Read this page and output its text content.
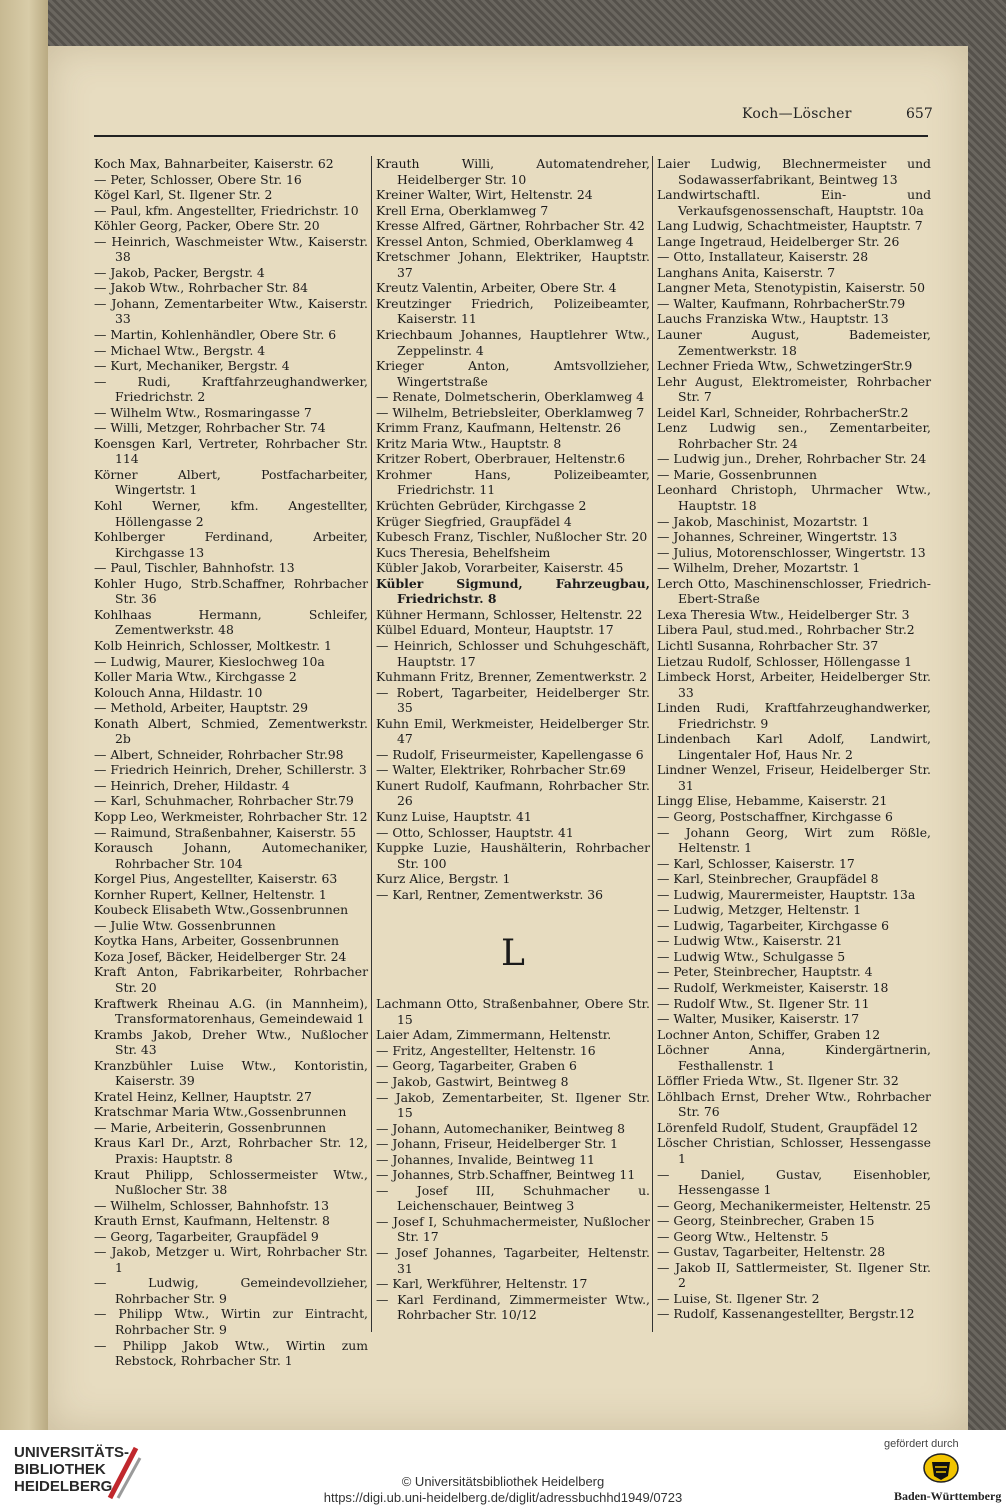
Koch—Löscher	657
Koch Max, Bahnarbeiter, Kaiserstr. 62
— Peter, Schlosser, Obere Str. 16
Kögel Karl, St. Ilgener Str. 2
— Paul, kfm. Angestellter, Friedrichstr. 10
Köhler Georg, Packer, Obere Str. 20
— Heinrich, Waschmeister Wtw., Kaiserstr. 38
— Jakob, Packer, Bergstr. 4
— Jakob Wtw., Rohrbacher Str. 84
— Johann, Zementarbeiter Wtw., Kaiserstr. 33
— Martin, Kohlenhändler, Obere Str. 6
— Michael Wtw., Bergstr. 4
— Kurt, Mechaniker, Bergstr. 4
— Rudi, Kraftfahrzeughandwerker, Friedrichstr. 2
— Wilhelm Wtw., Rosmaringasse 7
— Willi, Metzger, Rohrbacher Str. 74
Koensgen Karl, Vertreter, Rohrbacher Str. 114
Körner Albert, Postfacharbeiter, Wingertstr. 1
Kohl Werner, kfm. Angestellter, Höllengasse 2
Kohlberger Ferdinand, Arbeiter, Kirchgasse 13
— Paul, Tischler, Bahnhofstr. 13
Kohler Hugo, Strb.Schaffner, Rohrbacher Str. 36
Kohlhaas Hermann, Schleifer, Zementwerkstr. 48
Kolb Heinrich, Schlosser, Moltkestr. 1
— Ludwig, Maurer, Kieslochweg 10a
Koller Maria Wtw., Kirchgasse 2
Kolouch Anna, Hildastr. 10
— Methold, Arbeiter, Hauptstr. 29
Konath Albert, Schmied, Zementwerkstr. 2b
— Albert, Schneider, Rohrbacher Str.98
— Friedrich Heinrich, Dreher, Schillerstr. 3
— Heinrich, Dreher, Hildastr. 4
— Karl, Schuhmacher, Rohrbacher Str.79
Kopp Leo, Werkmeister, Rohrbacher Str. 12
— Raimund, Straßenbahner, Kaiserstr. 55
Korausch Johann, Automechaniker, Rohrbacher Str. 104
Korgel Pius, Angestellter, Kaiserstr. 63
Kornher Rupert, Kellner, Heltenstr. 1
Koubeck Elisabeth Wtw.,Gossenbrunnen
— Julie Wtw. Gossenbrunnen
Koytka Hans, Arbeiter, Gossenbrunnen
Koza Josef, Bäcker, Heidelberger Str. 24
Kraft Anton, Fabrikarbeiter, Rohrbacher Str. 20
Kraftwerk Rheinau A.G. (in Mannheim), Transformatorenhaus, Gemeindewaid 1
Krambs Jakob, Dreher Wtw., Nußlocher Str. 43
Kranzbühler Luise Wtw., Kontoristin, Kaiserstr. 39
Kratel Heinz, Kellner, Hauptstr. 27
Kratschmar Maria Wtw.,Gossenbrunnen
— Marie, Arbeiterin, Gossenbrunnen
Kraus Karl Dr., Arzt, Rohrbacher Str. 12, Praxis: Hauptstr. 8
Kraut Philipp, Schlossermeister Wtw., Nußlocher Str. 38
— Wilhelm, Schlosser, Bahnhofstr. 13
Krauth Ernst, Kaufmann, Heltenstr. 8
— Georg, Tagarbeiter, Graupfädel 9
— Jakob, Metzger u. Wirt, Rohrbacher Str. 1
— Ludwig, Gemeindevollzieher, Rohrbacher Str. 9
— Philipp Wtw., Wirtin zur Eintracht, Rohrbacher Str. 9
— Philipp Jakob Wtw., Wirtin zum Rebstock, Rohrbacher Str. 1
Krauth Willi, Automatendreher, Heidelberger Str. 10
Kreiner Walter, Wirt, Heltenstr. 24
Krell Erna, Oberklamweg 7
Kresse Alfred, Gärtner, Rohrbacher Str. 42
Kressel Anton, Schmied, Oberklamweg 4
Kretschmer Johann, Elektriker, Hauptstr. 37
Kreutz Valentin, Arbeiter, Obere Str. 4
Kreutzinger Friedrich, Polizeibeamter, Kaiserstr. 11
Kriechbaum Johannes, Hauptlehrer Wtw., Zeppelinstr. 4
Krieger Anton, Amtsvollzieher, Wingertstraße
— Renate, Dolmetscherin, Oberklamweg 4
— Wilhelm, Betriebsleiter, Oberklamweg 7
Krimm Franz, Kaufmann, Heltenstr. 26
Kritz Maria Wtw., Hauptstr. 8
Kritzer Robert, Oberbrauer, Heltenstr.6
Krohmer Hans, Polizeibeamter, Friedrichstr. 11
Krüchten Gebrüder, Kirchgasse 2
Krüger Siegfried, Graupfädel 4
Kubesch Franz, Tischler, Nußlocher Str. 20
Kucs Theresia, Behelfsheim
Kübler Jakob, Vorarbeiter, Kaiserstr. 45
Kübler Sigmund, Fahrzeugbau, Friedrichstr. 8
Kühner Hermann, Schlosser, Heltenstr. 22
Külbel Eduard, Monteur, Hauptstr. 17
— Heinrich, Schlosser und Schuhgeschäft, Hauptstr. 17
Kuhmann Fritz, Brenner, Zementwerkstr. 2
— Robert, Tagarbeiter, Heidelberger Str. 35
Kuhn Emil, Werkmeister, Heidelberger Str. 47
— Rudolf, Friseurmeister, Kapellengasse 6
— Walter, Elektriker, Rohrbacher Str.69
Kunert Rudolf, Kaufmann, Rohrbacher Str. 26
Kunz Luise, Hauptstr. 41
— Otto, Schlosser, Hauptstr. 41
Kuppke Luzie, Haushälterin, Rohrbacher Str. 100
Kurz Alice, Bergstr. 1
— Karl, Rentner, Zementwerkstr. 36
L
Lachmann Otto, Straßenbahner, Obere Str. 15
Laier Adam, Zimmermann, Heltenstr.
— Fritz, Angestellter, Heltenstr. 16
— Georg, Tagarbeiter, Graben 6
— Jakob, Gastwirt, Beintweg 8
— Jakob, Zementarbeiter, St. Ilgener Str. 15
— Johann, Automechaniker, Beintweg 8
— Johann, Friseur, Heidelberger Str. 1
— Johannes, Invalide, Beintweg 11
— Johannes, Strb.Schaffner, Beintweg 11
— Josef III, Schuhmacher u. Leichenschauer, Beintweg 3
— Josef I, Schuhmachermeister, Nußlocher Str. 17
— Josef Johannes, Tagarbeiter, Heltenstr. 31
— Karl, Werkführer, Heltenstr. 17
— Karl Ferdinand, Zimmermeister Wtw., Rohrbacher Str. 10/12
Laier Ludwig, Blechnermeister und Sodawasserfabrikant, Beintweg 13
Landwirtschaftl. Ein- und Verkaufsgenossenschaft, Hauptstr. 10a
Lang Ludwig, Schachtmeister, Hauptstr. 7
Lange Ingetraud, Heidelberger Str. 26
— Otto, Installateur, Kaiserstr. 28
Langhans Anita, Kaiserstr. 7
Langner Meta, Stenotypistin, Kaiserstr. 50
— Walter, Kaufmann, RohrbacherStr.79
Lauchs Franziska Wtw., Hauptstr. 13
Launer August, Bademeister, Zementwerkstr. 18
Lechner Frieda Wtw,, SchwetzingerStr.9
Lehr August, Elektromeister, Rohrbacher Str. 7
Leidel Karl, Schneider, RohrbacherStr.2
Lenz Ludwig sen., Zementarbeiter, Rohrbacher Str. 24
— Ludwig jun., Dreher, Rohrbacher Str. 24
— Marie, Gossenbrunnen
Leonhard Christoph, Uhrmacher Wtw., Hauptstr. 18
— Jakob, Maschinist, Mozartstr. 1
— Johannes, Schreiner, Wingertstr. 13
— Julius, Motorenschlosser, Wingertstr. 13
— Wilhelm, Dreher, Mozartstr. 1
Lerch Otto, Maschinenschlosser, Friedrich-Ebert-Straße
Lexa Theresia Wtw., Heidelberger Str. 3
Libera Paul, stud.med., Rohrbacher Str.2
Lichtl Susanna, Rohrbacher Str. 37
Lietzau Rudolf, Schlosser, Höllengasse 1
Limbeck Horst, Arbeiter, Heidelberger Str. 33
Linden Rudi, Kraftfahrzeughandwerker, Friedrichstr. 9
Lindenbach Karl Adolf, Landwirt, Lingentaler Hof, Haus Nr. 2
Lindner Wenzel, Friseur, Heidelberger Str. 31
Lingg Elise, Hebamme, Kaiserstr. 21
— Georg, Postschaffner, Kirchgasse 6
— Johann Georg, Wirt zum Rößle, Heltenstr. 1
— Karl, Schlosser, Kaiserstr. 17
— Karl, Steinbrecher, Graupfädel 8
— Ludwig, Maurermeister, Hauptstr. 13a
— Ludwig, Metzger, Heltenstr. 1
— Ludwig, Tagarbeiter, Kirchgasse 6
— Ludwig Wtw., Kaiserstr. 21
— Ludwig Wtw., Schulgasse 5
— Peter, Steinbrecher, Hauptstr. 4
— Rudolf, Werkmeister, Kaiserstr. 18
— Rudolf Wtw., St. Ilgener Str. 11
— Walter, Musiker, Kaiserstr. 17
Lochner Anton, Schiffer, Graben 12
Löchner Anna, Kindergärtnerin, Festhallenstr. 1
Löffler Frieda Wtw., St. Ilgener Str. 32
Löhlbach Ernst, Dreher Wtw., Rohrbacher Str. 76
Lörenfeld Rudolf, Student, Graupfädel 12
Löscher Christian, Schlosser, Hessengasse 1
— Daniel, Gustav, Eisenhobler, Hessengasse 1
— Georg, Mechanikermeister, Heltenstr. 25
— Georg, Steinbrecher, Graben 15
— Georg Wtw., Heltenstr. 5
— Gustav, Tagarbeiter, Heltenstr. 28
— Jakob II, Sattlermeister, St. Ilgener Str. 2
— Luise, St. Ilgener Str. 2
— Rudolf, Kassenangestellter, Bergstr.12
UNIVERSITÄTS-
BIBLIOTHEK
HEIDELBERG	© Universitätsbibliothek Heidelberg
https://digi.ub.uni-heidelberg.de/diglit/adressbuchhd1949/0723
gefördert durch
Baden-Württemberg
